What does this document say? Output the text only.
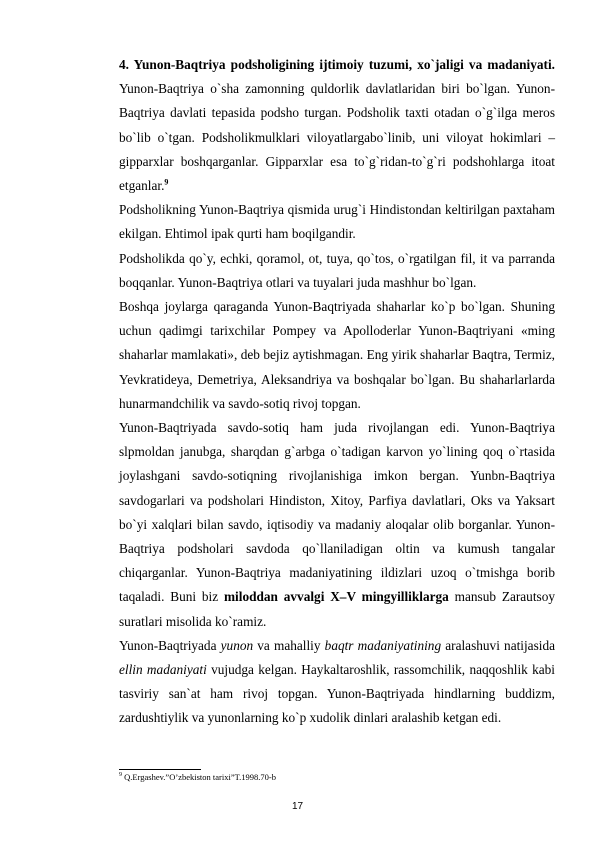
4. Yunon-Baqtriya podsholigining ijtimoiy tuzumi, xo`jaligi va madaniyati. Yunon-Baqtriya o`sha zamonning quldorlik davlatlaridan biri bo`lgan. Yunon-Baqtriya davlati tepasida podsho turgan. Podsholik taxti otadan o`g`ilga meros bo`lib o`tgan. Podsholikmulklari viloyatlargabo`linib, uni viloyat hokimlari – gipparxlar boshqarganlar. Gipparxlar esa to`g`ridan-to`g`ri podshohlarga itoat etganlar.$^9$

Podsholikning Yunon-Baqtriya qismida urug`i Hindistondan keltirilgan paxtaham ekilgan. Ehtimol ipak qurti ham boqilgandir.

Podsholikda qo`y, echki, qoramol, ot, tuya, qo`tos, o`rgatilgan fil, it va parranda boqqanlar. Yunon-Baqtriya otlari va tuyalari juda mashhur bo`lgan.

Boshqa joylarga qaraganda Yunon-Baqtriyada shaharlar ko`p bo`lgan. Shuning uchun qadimgi tarixchilar Pompey va Apolloderlar Yunon-Baqtriyani «ming shaharlar mamlakati», deb bejiz aytishmagan. Eng yirik shaharlar Baqtra, Termiz, Yevkratideya, Demetriya, Aleksandriya va boshqalar bo`lgan. Bu shaharlarlarda hunarmandchilik va savdo-sotiq rivoj topgan.

Yunon-Baqtriyada savdo-sotiq ham juda rivojlangan edi. Yunon-Baqtriya slpmoldan janubga, sharqdan g`arbga o`tadigan karvon yo`lining qoq o`rtasida joylashgani savdo-sotiqning rivojlanishiga imkon bergan. Yunbn-Baqtriya savdogarlari va podsholari Hindiston, Xitoy, Parfiya davlatlari, Oks va Yaksart bo`yi xalqlari bilan savdo, iqtisodiy va madaniy aloqalar olib borganlar. Yunon-Baqtriya podsholari savdoda qo`llaniladigan oltin va kumush tangalar chiqarganlar. Yunon-Baqtriya madaniyatining ildizlari uzoq o`tmishga borib taqaladi. Buni biz miloddan avvalgi X–V mingyilliklarga mansub Zarautsoy suratlari misolida ko`ramiz.

Yunon-Baqtriyada yunon va mahalliy baqtr madaniyatining aralashuvi natijasida ellin madaniyati vujudga kelgan. Haykaltaroshlik, rassomchilik, naqqoshlik kabi tasviriy san`at ham rivoj topgan. Yunon-Baqtriyada hindlarning buddizm, zardushtiylik va yunonlarning ko`p xudolik dinlari aralashib ketgan edi.

$^9$ Q.Ergashev.”O’zbekiston tarixi”T.1998.70-b
17
